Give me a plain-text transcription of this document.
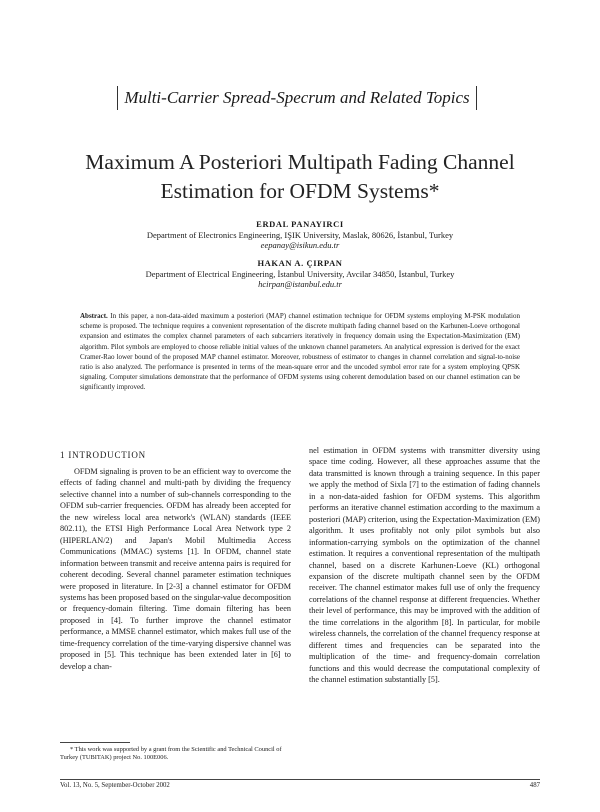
Multi-Carrier Spread-Specrum and Related Topics
Maximum A Posteriori Multipath Fading Channel
Estimation for OFDM Systems*
ERDAL PANAYIRCI
Department of Electronics Engineering, IŞIK University, Maslak, 80626, İstanbul, Turkey
eepanay@isikun.edu.tr
HAKAN A. ÇIRPAN
Department of Electrical Engineering, İstanbul University, Avcilar 34850, İstanbul, Turkey
hcirpan@istanbul.edu.tr
Abstract. In this paper, a non-data-aided maximum a posteriori (MAP) channel estimation technique for OFDM systems employing M-PSK modulation scheme is proposed. The technique requires a convenient representation of the discrete multipath fading channel based on the Karhunen-Loeve orthogonal expansion and estimates the complex channel parameters of each subcarriers iteratively in frequency domain using the Expectation-Maximization (EM) algorithm. Pilot symbols are employed to choose reliable initial values of the unknown channel parameters. An analytical expression is derived for the exact Cramer-Rao lower bound of the proposed MAP channel estimator. Moreover, robustness of estimator to changes in channel correlation and signal-to-noise ratio is also analyzed. The performance is presented in terms of the mean-square error and the uncoded symbol error rate for a system employing QPSK signaling. Computer simulations demonstrate that the performance of OFDM systems using coherent demodulation based on our channel estimation can be significantly improved.
1 INTRODUCTION
OFDM signaling is proven to be an efficient way to overcome the effects of fading channel and multi-path by dividing the frequency selective channel into a number of sub-channels corresponding to the OFDM sub-carrier frequencies. OFDM has already been accepted for the new wireless local area network's (WLAN) standards (IEEE 802.11), the ETSI High Performance Local Area Network type 2 (HIPERLAN/2) and Japan's Mobil Multimedia Access Communications (MMAC) systems [1]. In OFDM, channel state information between transmit and receive antenna pairs is required for coherent decoding. Several channel parameter estimation techniques were proposed in literature. In [2-3] a channel estimator for OFDM systems has been proposed based on the singular-value decomposition or frequency-domain filtering. Time domain filtering has been proposed in [4]. To further improve the channel estimator performance, a MMSE channel estimator, which makes full use of the time-frequency correlation of the time-varying dispersive channel was proposed in [5]. This technique has been extended later in [6] to develop a chan-
nel estimation in OFDM systems with transmitter diversity using space time coding. However, all these approaches assume that the data transmitted is known through a training sequence. In this paper we apply the method of Sixla [7] to the estimation of fading channels in a non-data-aided fashion for OFDM systems. This algorithm performs an iterative channel estimation according to the maximum a posteriori (MAP) criterion, using the Expectation-Maximization (EM) algorithm. It uses profitably not only pilot symbols but also information-carrying symbols on the optimization of the channel estimation. It requires a conventional representation of the multipath channel, based on a discrete Karhunen-Loeve (KL) orthogonal expansion of the discrete multipath channel seen by the OFDM receiver. The channel estimator makes full use of only the frequency correlations of the channel response at different frequencies. Whether their level of performance, this may be improved with the addition of the time correlations in the algorithm [8]. In particular, for mobile wireless channels, the correlation of the channel frequency response at different times and frequencies can be separated into the multiplication of the time- and frequency-domain correlation functions and this would decrease the computational complexity of the channel estimation substantially [5].
* This work was supported by a grant from the Scientific and Technical Council of Turkey (TUBITAK) project No. 100E006.
Vol. 13, No. 5, September-October 2002	487
